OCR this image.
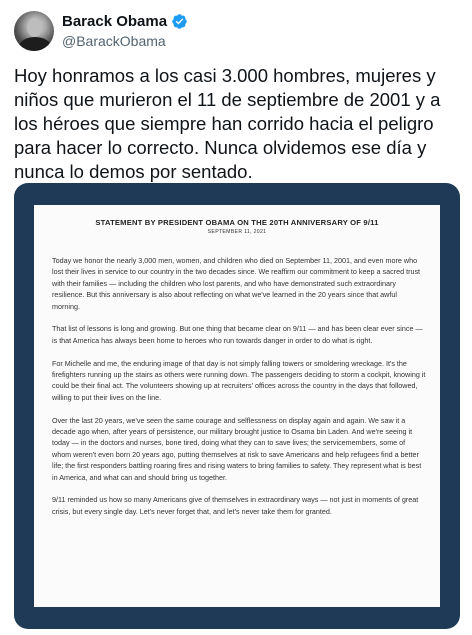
Barack Obama
@BarackObama
Hoy honramos a los casi 3.000 hombres, mujeres y niños que murieron el 11 de septiembre de 2001 y a los héroes que siempre han corrido hacia el peligro para hacer lo correcto. Nunca olvidemos ese día y nunca lo demos por sentado.
STATEMENT BY PRESIDENT OBAMA ON THE 20TH ANNIVERSARY OF 9/11
SEPTEMBER 11, 2021

Today we honor the nearly 3,000 men, women, and children who died on September 11, 2001, and even more who lost their lives in service to our country in the two decades since. We reaffirm our commitment to keep a sacred trust with their families — including the children who lost parents, and who have demonstrated such extraordinary resilience. But this anniversary is also about reflecting on what we've learned in the 20 years since that awful morning.

That list of lessons is long and growing. But one thing that became clear on 9/11 — and has been clear ever since — is that America has always been home to heroes who run towards danger in order to do what is right.

For Michelle and me, the enduring image of that day is not simply falling towers or smoldering wreckage. It's the firefighters running up the stairs as others were running down. The passengers deciding to storm a cockpit, knowing it could be their final act. The volunteers showing up at recruiters' offices across the country in the days that followed, willing to put their lives on the line.

Over the last 20 years, we've seen the same courage and selflessness on display again and again. We saw it a decade ago when, after years of persistence, our military brought justice to Osama bin Laden. And we're seeing it today — in the doctors and nurses, bone tired, doing what they can to save lives; the servicemembers, some of whom weren't even born 20 years ago, putting themselves at risk to save Americans and help refugees find a better life; the first responders battling roaring fires and rising waters to bring families to safety. They represent what is best in America, and what can and should bring us together.

9/11 reminded us how so many Americans give of themselves in extraordinary ways — not just in moments of great crisis, but every single day. Let's never forget that, and let's never take them for granted.
